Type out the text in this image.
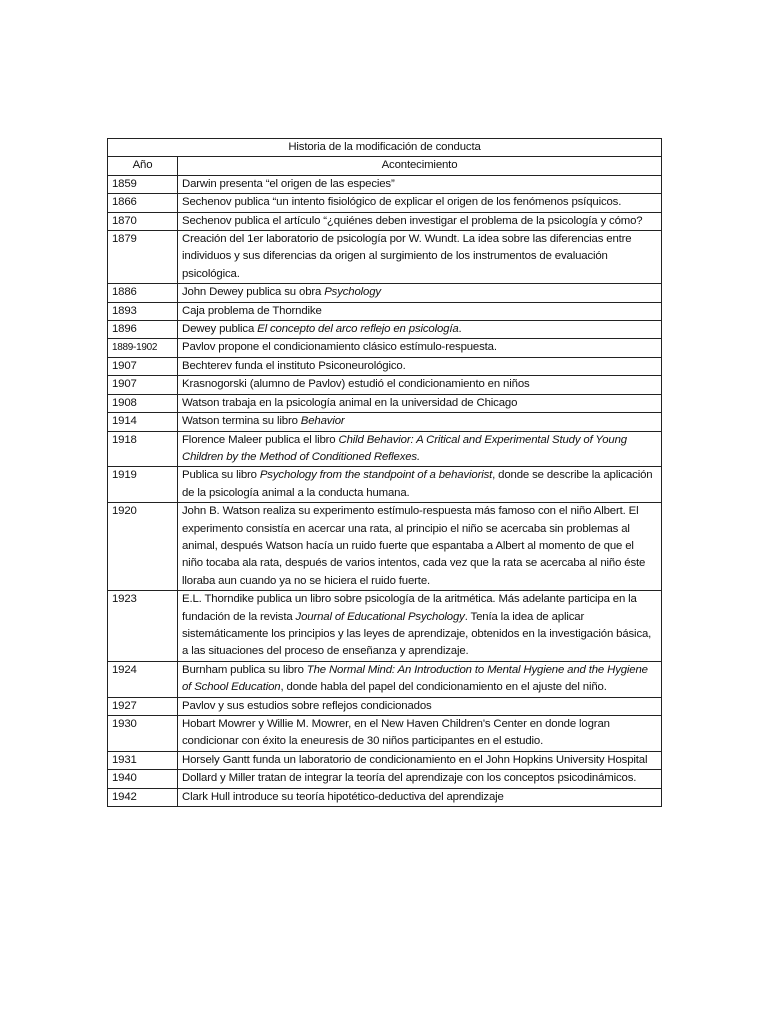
Historia de la modificación de conducta	
Año	Acontecimiento
1859	Darwin presenta “el origen de las especies”
1866	Sechenov publica “un intento fisiológico de explicar el origen de los fenómenos psíquicos.
1870	Sechenov publica el artículo “¿quiénes deben investigar el problema de la psicología y cómo?
1879	Creación del 1er laboratorio de psicología por W. Wundt. La idea sobre las diferencias entre individuos y sus diferencias da origen al surgimiento de los instrumentos de evaluación psicológica.
1886	John Dewey publica su obra Psychology
1893	Caja problema de Thorndike
1896	Dewey publica El concepto del arco reflejo en psicología.
1889-1902	Pavlov propone el condicionamiento clásico estímulo-respuesta.
1907	Bechterev funda el instituto Psiconeurológico.
1907	Krasnogorski (alumno de Pavlov) estudió el condicionamiento en niños
1908	Watson trabaja en la psicología animal en la universidad de Chicago
1914	Watson termina su libro Behavior
1918	Florence Maleer publica el libro Child Behavior: A Critical and Experimental Study of Young Children by the Method of Conditioned Reflexes.
1919	Publica su libro Psychology from the standpoint of a behaviorist, donde se describe la aplicación de la psicología animal a la conducta humana.
1920	John B. Watson realiza su experimento estímulo-respuesta más famoso con el niño Albert. El experimento consistía en acercar una rata, al principio el niño se acercaba sin problemas al animal, después Watson hacía un ruido fuerte que espantaba a Albert al momento de que el niño tocaba ala rata, después de varios intentos, cada vez que la rata se acercaba al niño éste lloraba aun cuando ya no se hiciera el ruido fuerte.
1923	E.L. Thorndike publica un libro sobre psicología de la aritmética. Más adelante participa en la fundación de la revista Journal of Educational Psychology. Tenía la idea de aplicar sistemáticamente los principios y las leyes de aprendizaje, obtenidos en la investigación básica, a las situaciones del proceso de enseñanza y aprendizaje.
1924	Burnham publica su libro The Normal Mind: An Introduction to Mental Hygiene and the Hygiene of School Education, donde habla del papel del condicionamiento en el ajuste del niño.
1927	Pavlov y sus estudios sobre reflejos condicionados
1930	Hobart Mowrer y Willie M. Mowrer, en el New Haven Children's Center en donde logran condicionar con éxito la eneuresis de 30 niños participantes en el estudio.
1931	Horsely Gantt funda un laboratorio de condicionamiento en el John Hopkins University Hospital
1940	Dollard y Miller tratan de integrar la teoría del aprendizaje con los conceptos psicodinámicos.
1942	Clark Hull introduce su teoría hipotético-deductiva del aprendizaje
